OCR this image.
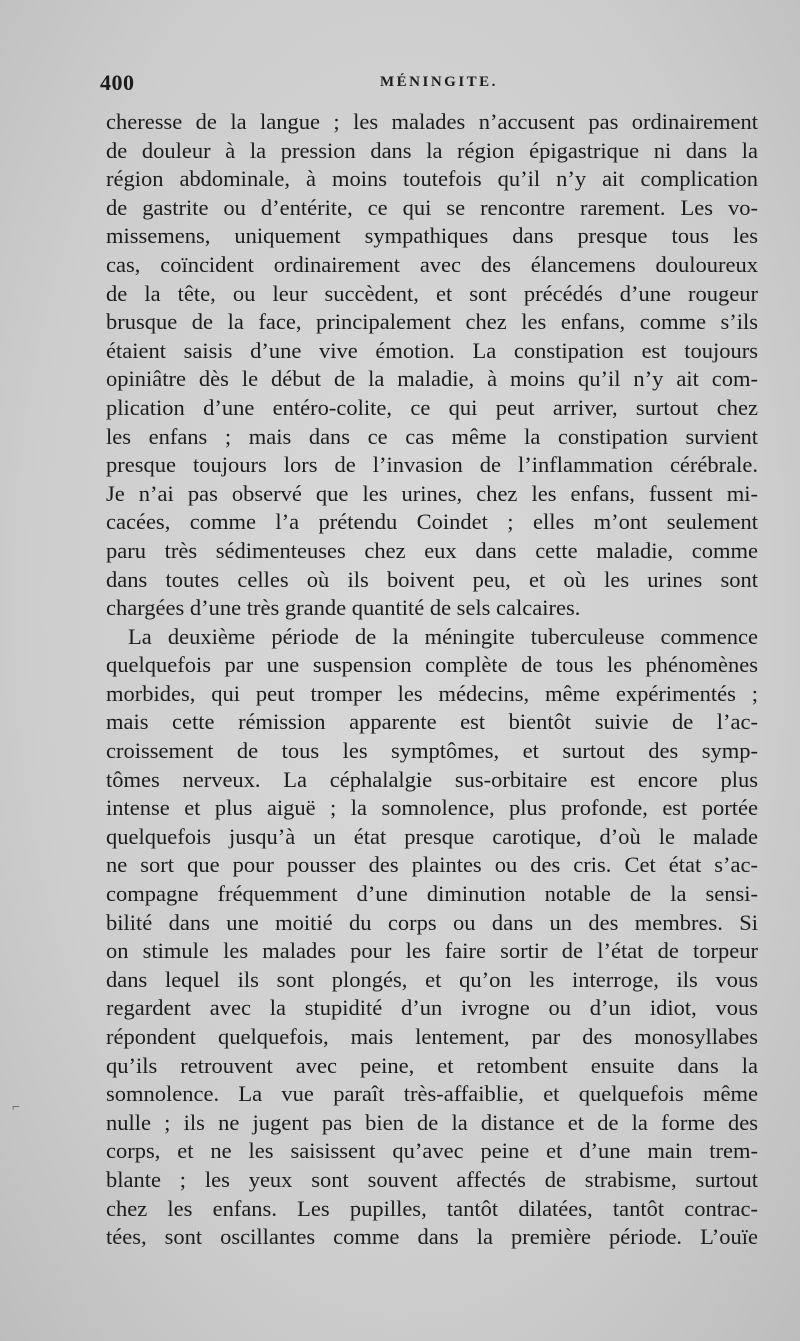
400	MÉNINGITE.
cheresse de la langue ; les malades n’accusent pas ordinairement
de douleur à la pression dans la région épigastrique ni dans la
région abdominale, à moins toutefois qu’il n’y ait complication
de gastrite ou d’entérite, ce qui se rencontre rarement. Les vo-
missemens, uniquement sympathiques dans presque tous les
cas, coïncident ordinairement avec des élancemens douloureux
de la tête, ou leur succèdent, et sont précédés d’une rougeur
brusque de la face, principalement chez les enfans, comme s’ils
étaient saisis d’une vive émotion. La constipation est toujours
opiniâtre dès le début de la maladie, à moins qu’il n’y ait com-
plication d’une entéro-colite, ce qui peut arriver, surtout chez
les enfans ; mais dans ce cas même la constipation survient
presque toujours lors de l’invasion de l’inflammation cérébrale.
Je n’ai pas observé que les urines, chez les enfans, fussent mi-
cacées, comme l’a prétendu Coindet ; elles m’ont seulement
paru très sédimenteuses chez eux dans cette maladie, comme
dans toutes celles où ils boivent peu, et où les urines sont
chargées d’une très grande quantité de sels calcaires.
La deuxième période de la méningite tuberculeuse commence
quelquefois par une suspension complète de tous les phénomènes
morbides, qui peut tromper les médecins, même expérimentés ;
mais cette rémission apparente est bientôt suivie de l’ac-
croissement de tous les symptômes, et surtout des symp-
tômes nerveux. La céphalalgie sus-orbitaire est encore plus
intense et plus aiguë ; la somnolence, plus profonde, est portée
quelquefois jusqu’à un état presque carotique, d’où le malade
ne sort que pour pousser des plaintes ou des cris. Cet état s’ac-
compagne fréquemment d’une diminution notable de la sensi-
bilité dans une moitié du corps ou dans un des membres. Si
on stimule les malades pour les faire sortir de l’état de torpeur
dans lequel ils sont plongés, et qu’on les interroge, ils vous
regardent avec la stupidité d’un ivrogne ou d’un idiot, vous
répondent quelquefois, mais lentement, par des monosyllabes
qu’ils retrouvent avec peine, et retombent ensuite dans la
somnolence. La vue paraît très-affaiblie, et quelquefois même
nulle ; ils ne jugent pas bien de la distance et de la forme des
corps, et ne les saisissent qu’avec peine et d’une main trem-
blante ; les yeux sont souvent affectés de strabisme, surtout
chez les enfans. Les pupilles, tantôt dilatées, tantôt contrac-
tées, sont oscillantes comme dans la première période. L’ouïe
⌐
